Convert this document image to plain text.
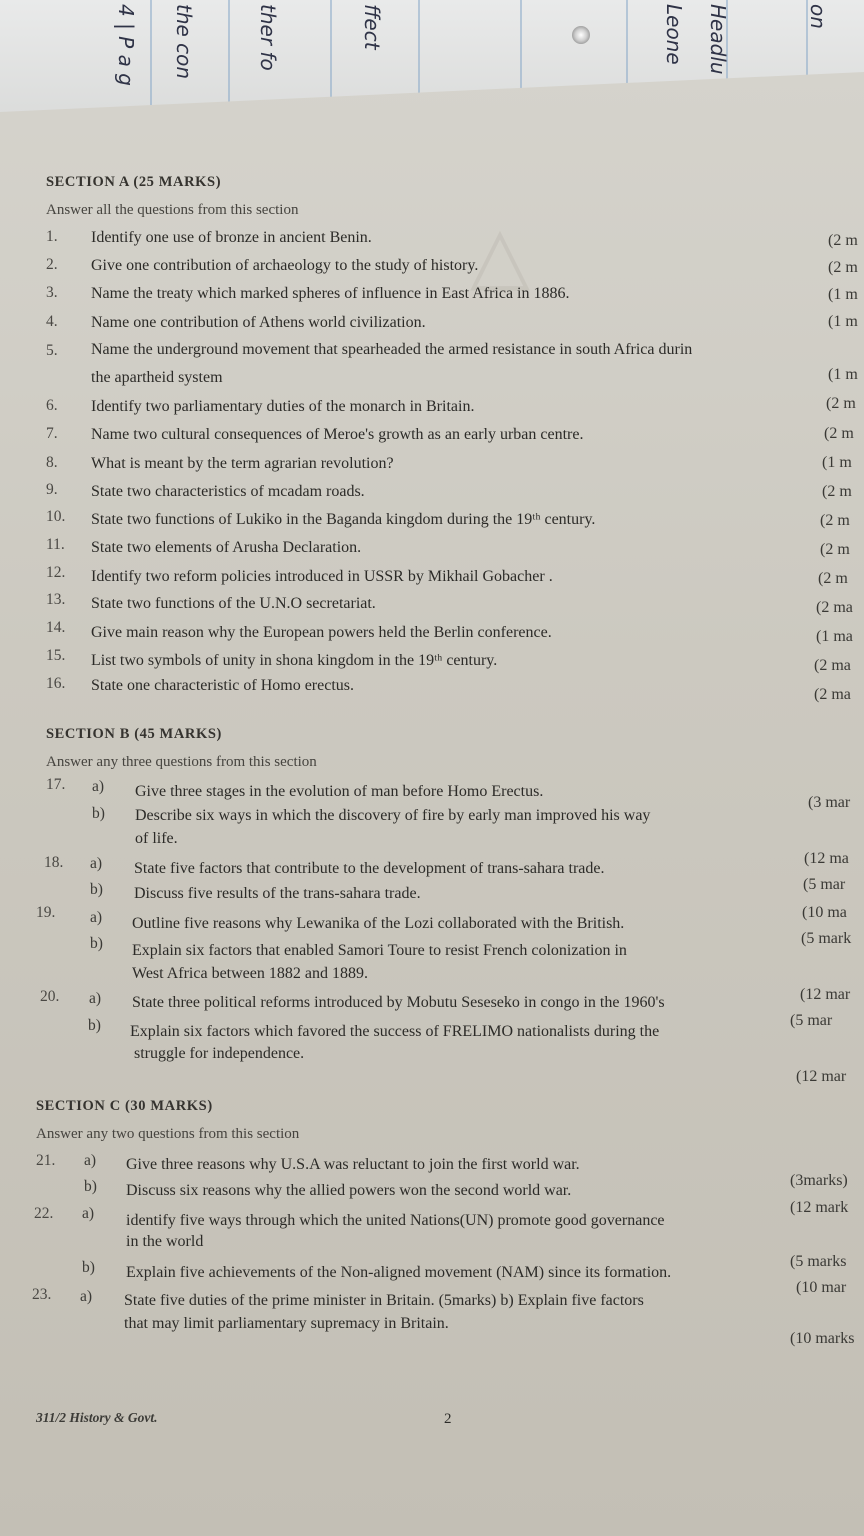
4 | P a g the con	ther fo	ffect	Leone Headlu	on
△
SECTION A (25 MARKS)
Answer all the questions from this section
1. Identify one use of bronze in ancient Benin.	(2 m
2. Give one contribution of archaeology to the study of history.	(2 m
3. Name the treaty which marked spheres of influence in East Africa in 1886.	(1 m
4. Name one contribution of Athens world civilization.	(1 m
5. Name the underground movement that spearheaded the armed resistance in south Africa durin
the apartheid system	(1 m
6. Identify two parliamentary duties of the monarch in Britain.	(2 m
7. Name two cultural consequences of Meroe's growth as an early urban centre.	(2 m
8. What is meant by the term agrarian revolution?	(1 m
9. State two characteristics of mcadam roads.	(2 m
10. State two functions of Lukiko in the Baganda kingdom during the 19ᵗʰ century.	(2 m
11. State two elements of Arusha Declaration.	(2 m
12. Identify two reform policies introduced in USSR by Mikhail Gobacher .	(2 m
13. State two functions of the U.N.O secretariat.	(2 ma
14. Give main reason why the European powers held the Berlin conference.	(1 ma
15. List two symbols of unity in shona kingdom in the 19ᵗʰ century.	(2 ma
16. State one characteristic of Homo erectus.
(2 ma
SECTION B (45 MARKS)
Answer any three questions from this section
17. a) Give three stages in the evolution of man before Homo Erectus.
(3 mar
b) Describe six ways in which the discovery of fire by early man improved his way
of life.
(12 ma
18. a) State five factors that contribute to the development of trans-sahara trade.
(5 mar
b) Discuss five results of the trans-sahara trade.
(10 ma
19. a) Outline five reasons why Lewanika of the Lozi collaborated with the British.
(5 mark
b) Explain six factors that enabled Samori Toure to resist French colonization in
West Africa between 1882 and 1889.
(12 mar
20. a) State three political reforms introduced by Mobutu Seseseko in congo in the 1960's
(5 mar
b) Explain six factors which favored the success of FRELIMO nationalists during the
struggle for independence.
(12 mar
SECTION C (30 MARKS)
Answer any two questions from this section
21. a) Give three reasons why U.S.A was reluctant to join the first world war.
(3marks)
b) Discuss six reasons why the allied powers won the second world war.
(12 mark
22. a) identify five ways through which the united Nations(UN) promote good governance
in the world
(5 marks
b) Explain five achievements of the Non-aligned movement (NAM) since its formation.
(10 mar
23. a) State five duties of the prime minister in Britain. (5marks) b) Explain five factors
that may limit parliamentary supremacy in Britain.
(10 marks
311/2 History & Govt.	2
